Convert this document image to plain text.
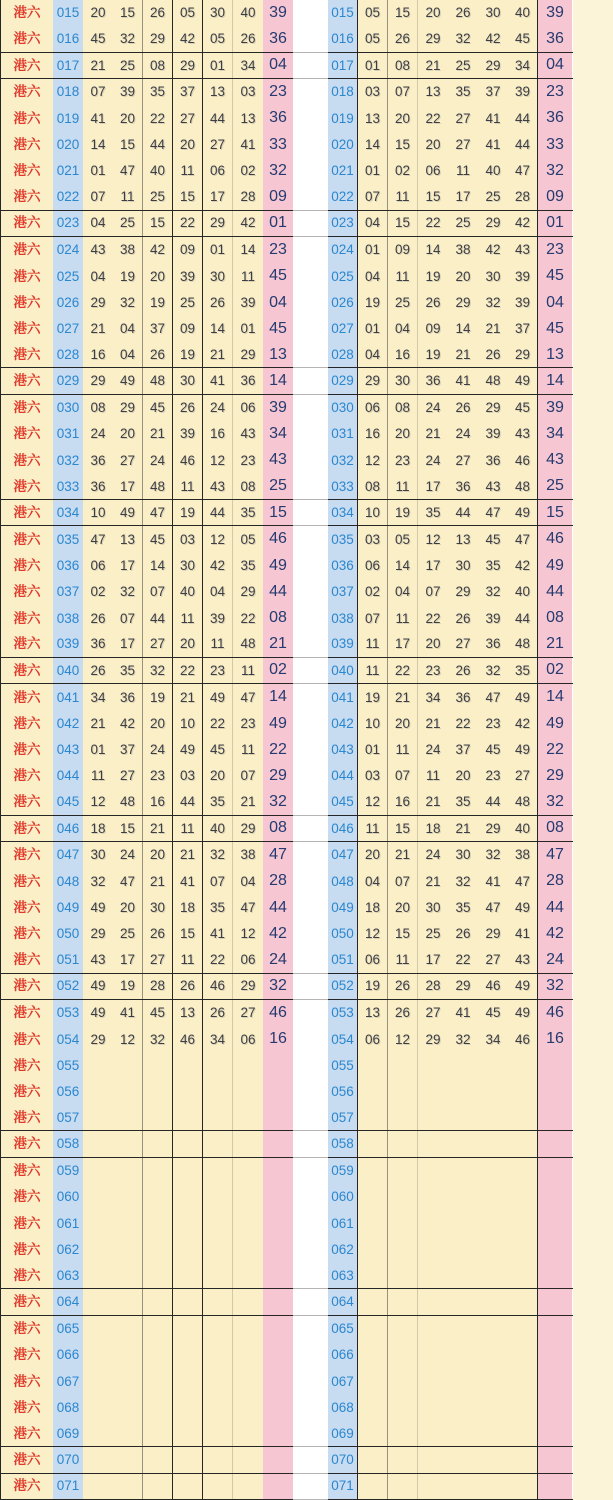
港六	015 20	15	26	05	30	40 39
港六	016 45	32	29	42	05	26 36
港六	017 21	25	08	29	01	34 04
港六	018 07	39	35	37	13	03 23
港六	019 41	20	22	27	44	13 36
港六	020 14	15	44	20	27	41 33
港六	021 01	47	40	11	06	02 32
港六	022 07	11	25	15	17	28 09
港六	023 04	25	15	22	29	42 01
港六	024 43	38	42	09	01	14 23
港六	025 04	19	20	39	30	11 45
港六	026 29	32	19	25	26	39 04
港六	027 21	04	37	09	14	01 45
港六	028 16	04	26	19	21	29 13
港六	029 29	49	48	30	41	36 14
港六	030 08	29	45	26	24	06 39
港六	031 24	20	21	39	16	43 34
港六	032 36	27	24	46	12	23 43
港六	033 36	17	48	11	43	08 25
港六	034 10	49	47	19	44	35 15
港六	035 47	13	45	03	12	05 46
港六	036 06	17	14	30	42	35 49
港六	037 02	32	07	40	04	29 44
港六	038 26	07	44	11	39	22 08
港六	039 36	17	27	20	11	48 21
港六	040 26	35	32	22	23	11 02
港六	041 34	36	19	21	49	47 14
港六	042 21	42	20	10	22	23 49
港六	043 01	37	24	49	45	11 22
港六	044 11	27	23	03	20	07 29
港六	045 12	48	16	44	35	21 32
港六	046 18	15	21	11	40	29 08
港六	047 30	24	20	21	32	38 47
港六	048 32	47	21	41	07	04 28
港六	049 49	20	30	18	35	47 44
港六	050 29	25	26	15	41	12 42
港六	051 43	17	27	11	22	06 24
港六	052 49	19	28	26	46	29 32
港六	053 49	41	45	13	26	27 46
港六	054 29	12	32	46	34	06 16
港六	055
港六	056
港六	057
港六	058
港六	059
港六	060
港六	061
港六	062
港六	063
港六	064
港六	065
港六	066
港六	067
港六	068
港六	069
港六	070
港六	071
015 05	15	20	26	30	40	39
016 05	26	29	32	42	45	36
017 01	08	21	25	29	34	04
018 03	07	13	35	37	39	23
019 13	20	22	27	41	44	36
020 14	15	20	27	41	44	33
021 01	02	06	11	40	47	32
022 07	11	15	17	25	28	09
023 04	15	22	25	29	42	01
024 01	09	14	38	42	43	23
025 04	11	19	20	30	39	45
026 19	25	26	29	32	39	04
027 01	04	09	14	21	37	45
028 04	16	19	21	26	29	13
029 29	30	36	41	48	49	14
030 06	08	24	26	29	45	39
031 16	20	21	24	39	43	34
032 12	23	24	27	36	46	43
033 08	11	17	36	43	48	25
034 10	19	35	44	47	49	15
035 03	05	12	13	45	47	46
036 06	14	17	30	35	42	49
037 02	04	07	29	32	40	44
038 07	11	22	26	39	44	08
039 11	17	20	27	36	48	21
040 11	22	23	26	32	35	02
041 19	21	34	36	47	49	14
042 10	20	21	22	23	42	49
043 01	11	24	37	45	49	22
044 03	07	11	20	23	27	29
045 12	16	21	35	44	48	32
046 11	15	18	21	29	40	08
047 20	21	24	30	32	38	47
048 04	07	21	32	41	47	28
049 18	20	30	35	47	49	44
050 12	15	25	26	29	41	42
051 06	11	17	22	27	43	24
052 19	26	28	29	46	49	32
053 13	26	27	41	45	49	46
054 06	12	29	32	34	46	16
055
056
057
058
059
060
061
062
063
064
065
066
067
068
069
070
071
